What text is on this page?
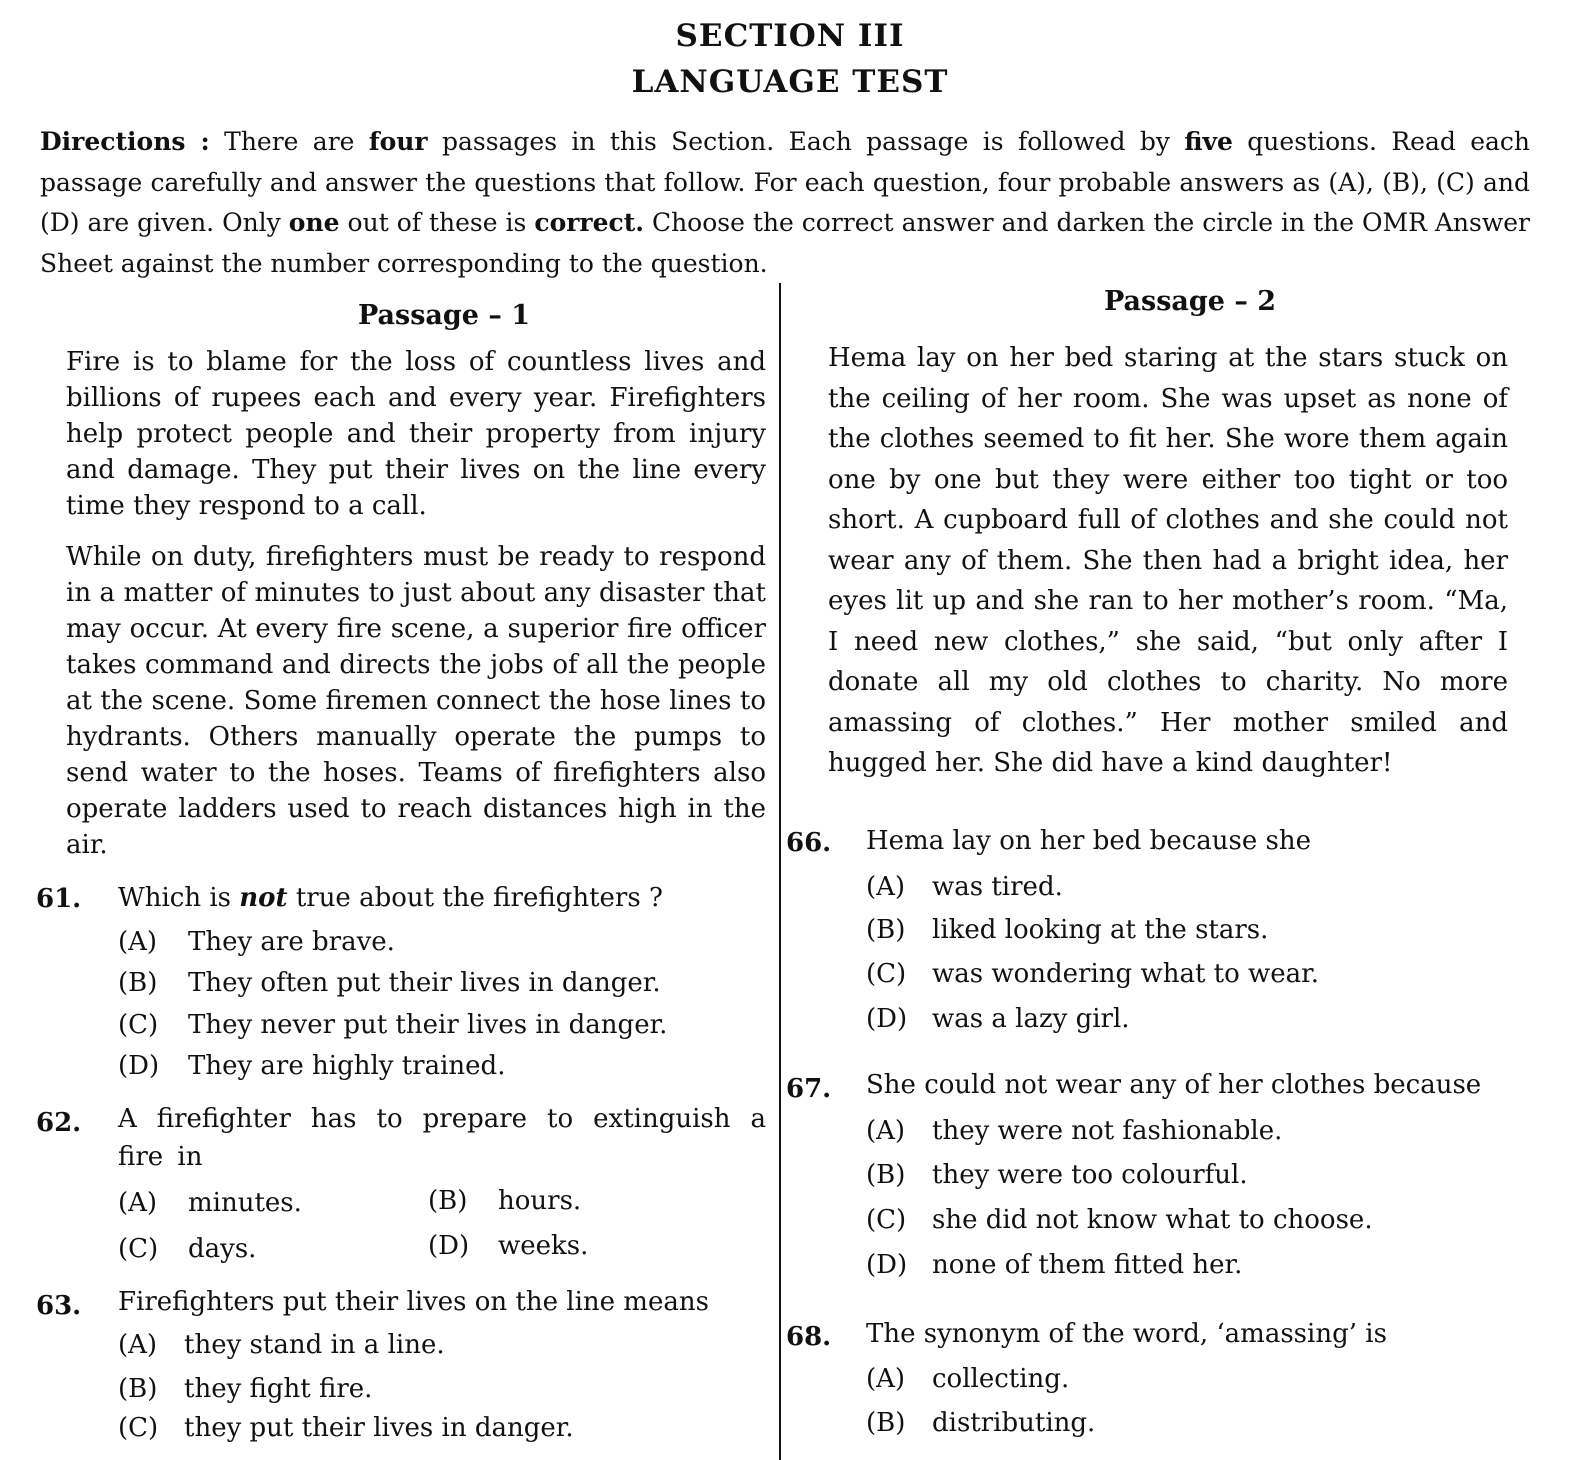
SECTION III
LANGUAGE TEST
Directions : There are four passages in this Section. Each passage is followed by five questions. Read each passage carefully and answer the questions that follow. For each question, four probable answers as (A), (B), (C) and (D) are given. Only one out of these is correct. Choose the correct answer and darken the circle in the OMR Answer Sheet against the number corresponding to the question.
Passage – 1
Fire is to blame for the loss of countless lives and billions of rupees each and every year. Firefighters help protect people and their property from injury and damage. They put their lives on the line every time they respond to a call.
While on duty, firefighters must be ready to respond in a matter of minutes to just about any disaster that may occur. At every fire scene, a superior fire officer takes command and directs the jobs of all the people at the scene. Some firemen connect the hose lines to hydrants. Others manually operate the pumps to send water to the hoses. Teams of firefighters also operate ladders used to reach distances high in the air.
61. Which is not true about the firefighters ?
(A) They are brave.
(B) They often put their lives in danger.
(C) They never put their lives in danger.
(D) They are highly trained.
62. A firefighter has to prepare to extinguish a fire in
(A) minutes.	(B) hours.
(C) days.	(D) weeks.
63. Firefighters put their lives on the line means
(A) they stand in a line.
(B) they fight fire.
(C) they put their lives in danger.
Passage – 2
Hema lay on her bed staring at the stars stuck on the ceiling of her room. She was upset as none of the clothes seemed to fit her. She wore them again one by one but they were either too tight or too short. A cupboard full of clothes and she could not wear any of them. She then had a bright idea, her eyes lit up and she ran to her mother’s room. “Ma, I need new clothes,” she said, “but only after I donate all my old clothes to charity. No more amassing of clothes.” Her mother smiled and hugged her. She did have a kind daughter!
66. Hema lay on her bed because she
(A) was tired.
(B) liked looking at the stars.
(C) was wondering what to wear.
(D) was a lazy girl.
67. She could not wear any of her clothes because
(A) they were not fashionable.
(B) they were too colourful.
(C) she did not know what to choose.
(D) none of them fitted her.
68. The synonym of the word, ‘amassing’ is
(A) collecting.
(B) distributing.
